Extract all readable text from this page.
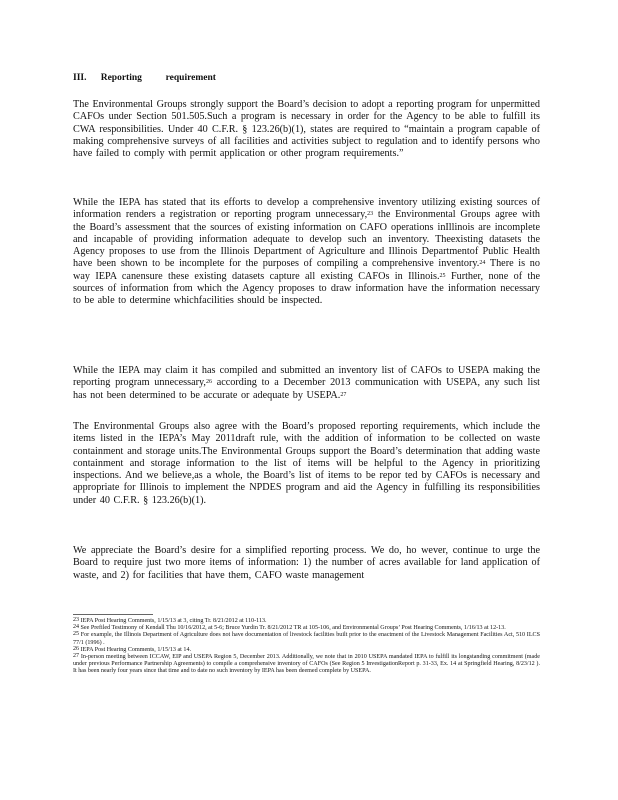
III.      Reporting          requirement

The Environmental Groups strongly support the Board’s decision to adopt a reporting program for unpermitted CAFOs under Section 501.505.Such a program is necessary in order for the Agency to be able to fulfill its CWA responsibilities. Under 40 C.F.R. § 123.26(b)(1), states are required to “maintain a program capable of making comprehensive surveys of all facilities and activities subject to regulation and to identify persons who have failed to comply with permit application or other program requirements.”

While the IEPA has stated that its efforts to develop a comprehensive inventory utilizing existing sources of information renders a registration or reporting program unnecessary,$^{23}$ the Environmental Groups agree with the Board’s assessment that the sources of existing information on CAFO operations inIllinois are incomplete and incapable of providing information adequate to develop such an inventory. Theexisting datasets the Agency proposes to use from the Illinois Department of Agriculture and Illinois Departmentof Public Health have been shown to be incomplete for the purposes of compiling a comprehensive inventory.$^{24}$ There is no way IEPA canensure these existing datasets capture all existing CAFOs in Illinois.$^{25}$ Further, none of the sources of information from which the Agency proposes to draw information have the information necessary to be able to determine whichfacilities should be inspected.

While the IEPA may claim it has compiled and submitted an inventory list of CAFOs to USEPA making the reporting program unnecessary,$^{26}$ according to a December 2013 communication with USEPA, any such list has not been determined to be accurate or adequate by USEPA.$^{27}$

The Environmental Groups also agree with the Board’s proposed reporting requirements, which include the items listed in the IEPA’s May 2011draft rule, with the addition of information to be collected on waste containment and storage units.The Environmental Groups support the Board’s determination that adding waste containment and storage information to the list of items will be helpful to the Agency in prioritizing inspections. And we believe,as a whole, the Board’s list of items to be repor ted by CAFOs is necessary and appropriate for Illinois to implement the NPDES program and aid the Agency in fulfilling its responsibilities under 40 C.F.R. § 123.26(b)(1).

We appreciate the Board’s desire for a simplified reporting process. We do, ho wever, continue to urge the Board to require just two more items of information: 1) the number of acres available for land application of waste, and 2) for facilities that have them, CAFO waste management

$^{23}$ IEPA Post Hearing Comments, 1/15/13 at 3, citing Tr. 8/21/2012 at 110-113.
$^{24}$ See Prefiled Testimony of Kendall Thu 10/16/2012, at 5-6; Bruce Yurdin Tr. 8/21/2012 TR at 105-106, and Environmental Groups’ Post Hearing Comments, 1/16/13 at 12-13.
$^{25}$ For example, the Illinois Department of Agriculture does not have documentation of livestock facilities built prior to the enactment of the Livestock Management Facilities Act, 510 ILCS 77/1 (1996) .
$^{26}$ IEPA Post Hearing Comments, 1/15/13 at 14.
$^{27}$ In-person meeting between ICCAW, EIP and USEPA Region 5, December 2013. Additionally, we note that in 2010 USEPA mandated IEPA to fulfill its longstanding commitment (made under previous Performance Partnership Agreements) to compile a comprehensive inventory of CAFOs (See Region 5 InvestigationReport p. 31-33, Ex. 14 at Springfield Hearing, 8/23/12 ). It has been nearly four years since that time and to date no such inventory by IEPA has been deemed complete by USEPA.
